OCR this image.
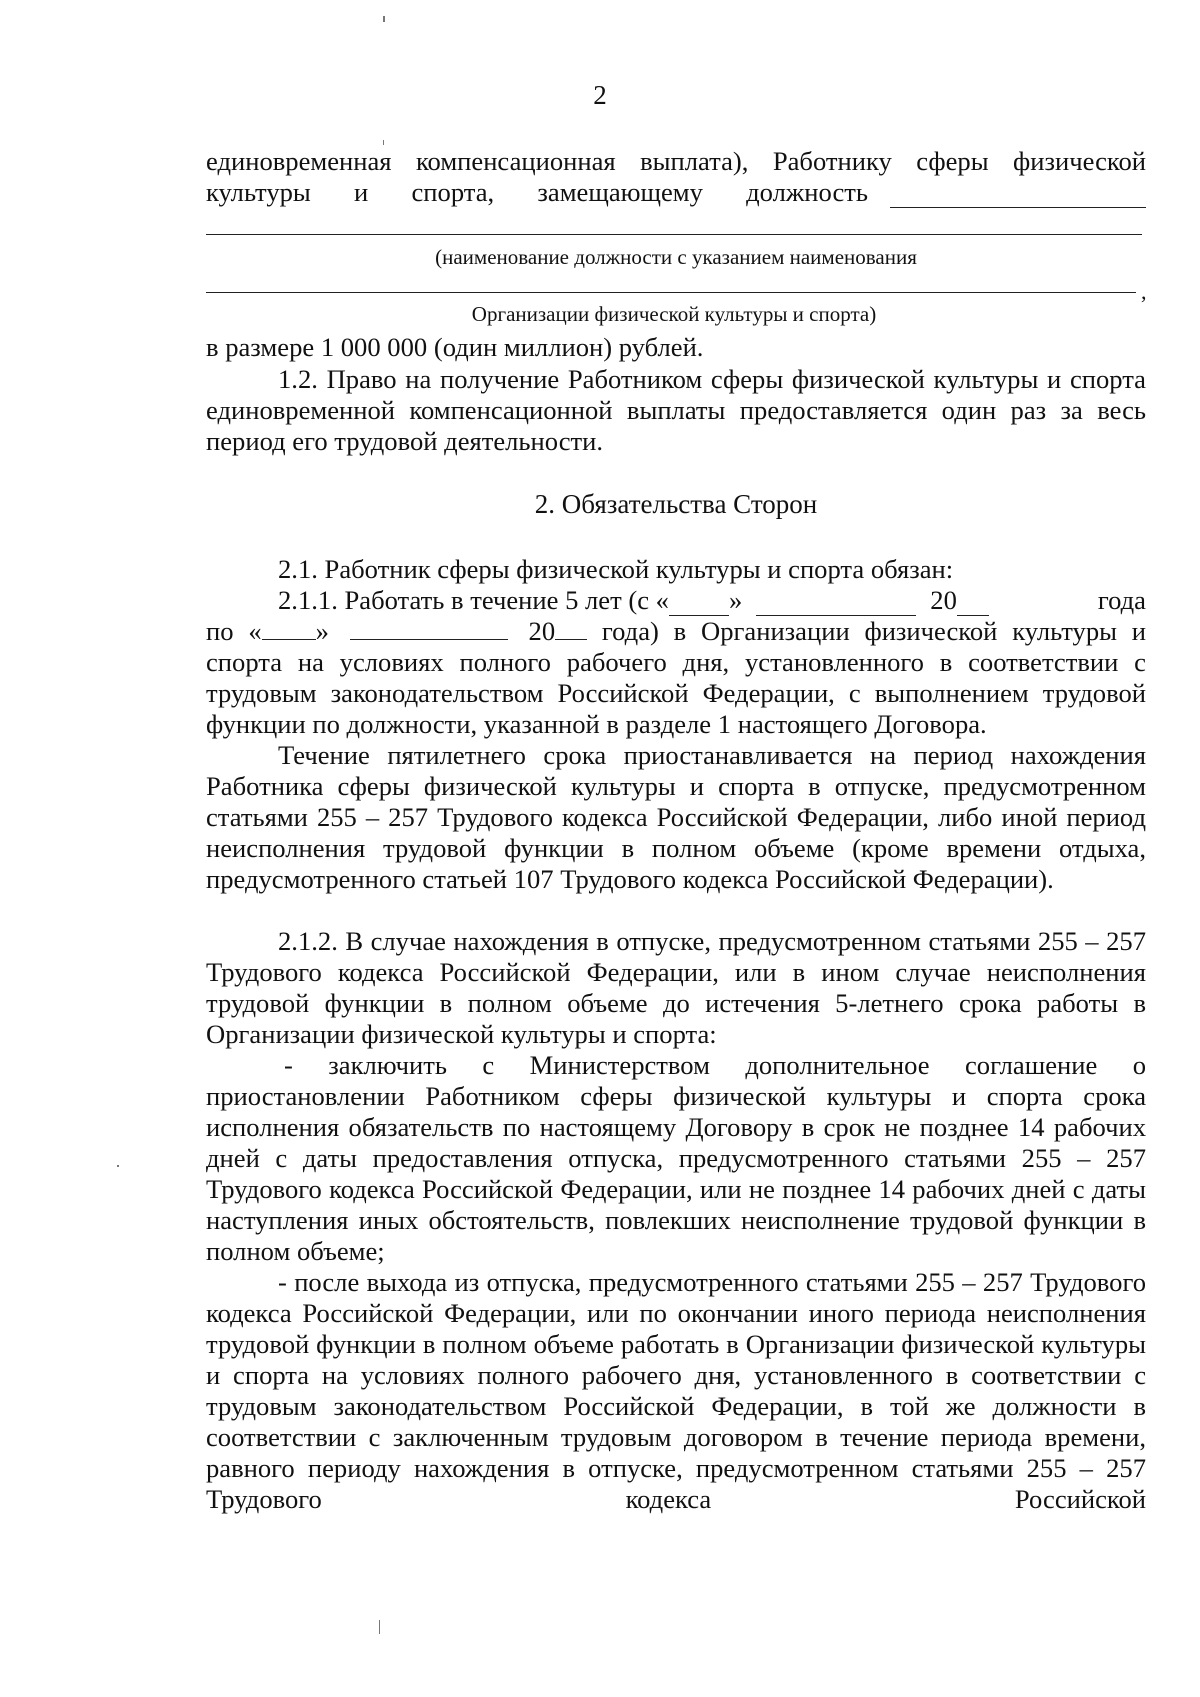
2

единовременная компенсационная выплата), Работнику сферы физической

культуры и спорта, замещающему должность
(наименование должности с указанием наименования
,
Организации физической культуры и спорта)

в размере 1 000 000 (один миллион) рублей.

1.2. Право на получение Работником сферы физической культуры и спорта единовременной компенсационной выплаты предоставляется один раз за весь период его трудовой деятельности.

2. Обязательства Сторон

2.1. Работник сферы физической культуры и спорта обязан:

2.1.1. Работать в течение 5 лет (с « »	20	года

по « »	20 года) в Организации физической культуры и спорта на условиях полного рабочего дня, установленного в соответствии с трудовым законодательством Российской Федерации, с выполнением трудовой функции по должности, указанной в разделе 1 настоящего Договора.

Течение пятилетнего срока приостанавливается на период нахождения Работника сферы физической культуры и спорта в отпуске, предусмотренном статьями 255 – 257 Трудового кодекса Российской Федерации, либо иной период неисполнения трудовой функции в полном объеме (кроме времени отдыха, предусмотренного статьей 107 Трудового кодекса Российской Федерации).

2.1.2. В случае нахождения в отпуске, предусмотренном статьями 255 – 257 Трудового кодекса Российской Федерации, или в ином случае неисполнения трудовой функции в полном объеме до истечения 5-летнего срока работы в Организации физической культуры и спорта:

- заключить с Министерством дополнительное соглашение о приостановлении Работником сферы физической культуры и спорта срока исполнения обязательств по настоящему Договору в срок не позднее 14 рабочих дней с даты предоставления отпуска, предусмотренного статьями 255 – 257 Трудового кодекса Российской Федерации, или не позднее 14 рабочих дней с даты наступления иных обстоятельств, повлекших неисполнение трудовой функции в полном объеме;

- после выхода из отпуска, предусмотренного статьями 255 – 257 Трудового кодекса Российской Федерации, или по окончании иного периода неисполнения трудовой функции в полном объеме работать в Организации физической культуры и спорта на условиях полного рабочего дня, установленного в соответствии с трудовым законодательством Российской Федерации, в той же должности в соответствии с заключенным трудовым договором в течение периода времени, равного периоду нахождения в отпуске, предусмотренном статьями 255 – 257 Трудового кодекса Российской
